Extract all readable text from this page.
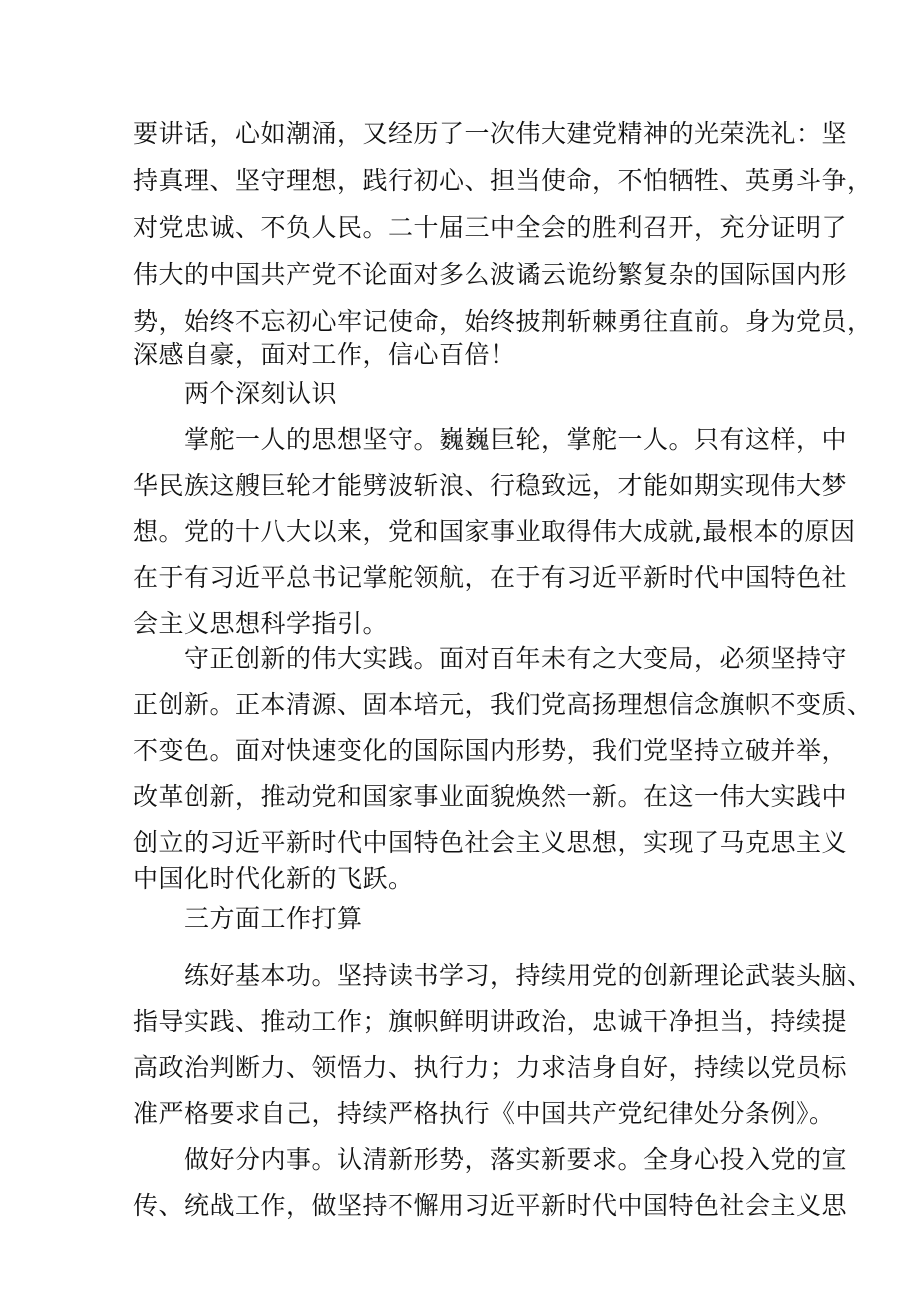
要讲话，心如潮涌，又经历了一次伟大建党精神的光荣洗礼：坚
持真理、坚守理想，践行初心、担当使命，不怕牺牲、英勇斗争，
对党忠诚、不负人民。二十届三中全会的胜利召开，充分证明了
伟大的中国共产党不论面对多么波谲云诡纷繁复杂的国际国内形
势，始终不忘初心牢记使命，始终披荆斩棘勇往直前。身为党员，
深感自豪，面对工作，信心百倍！
两个深刻认识
掌舵一人的思想坚守。巍巍巨轮，掌舵一人。只有这样，中
华民族这艘巨轮才能劈波斩浪、行稳致远，才能如期实现伟大梦
想。党的十八大以来，党和国家事业取得伟大成就,最根本的原因
在于有习近平总书记掌舵领航，在于有习近平新时代中国特色社
会主义思想科学指引。
守正创新的伟大实践。面对百年未有之大变局，必须坚持守
正创新。正本清源、固本培元，我们党高扬理想信念旗帜不变质、
不变色。面对快速变化的国际国内形势，我们党坚持立破并举，
改革创新，推动党和国家事业面貌焕然一新。在这一伟大实践中
创立的习近平新时代中国特色社会主义思想，实现了马克思主义
中国化时代化新的飞跃。
三方面工作打算
练好基本功。坚持读书学习，持续用党的创新理论武装头脑、
指导实践、推动工作；旗帜鲜明讲政治，忠诚干净担当，持续提
高政治判断力、领悟力、执行力；力求洁身自好，持续以党员标
准严格要求自己，持续严格执行《中国共产党纪律处分条例》。
做好分内事。认清新形势，落实新要求。全身心投入党的宣
传、统战工作，做坚持不懈用习近平新时代中国特色社会主义思
